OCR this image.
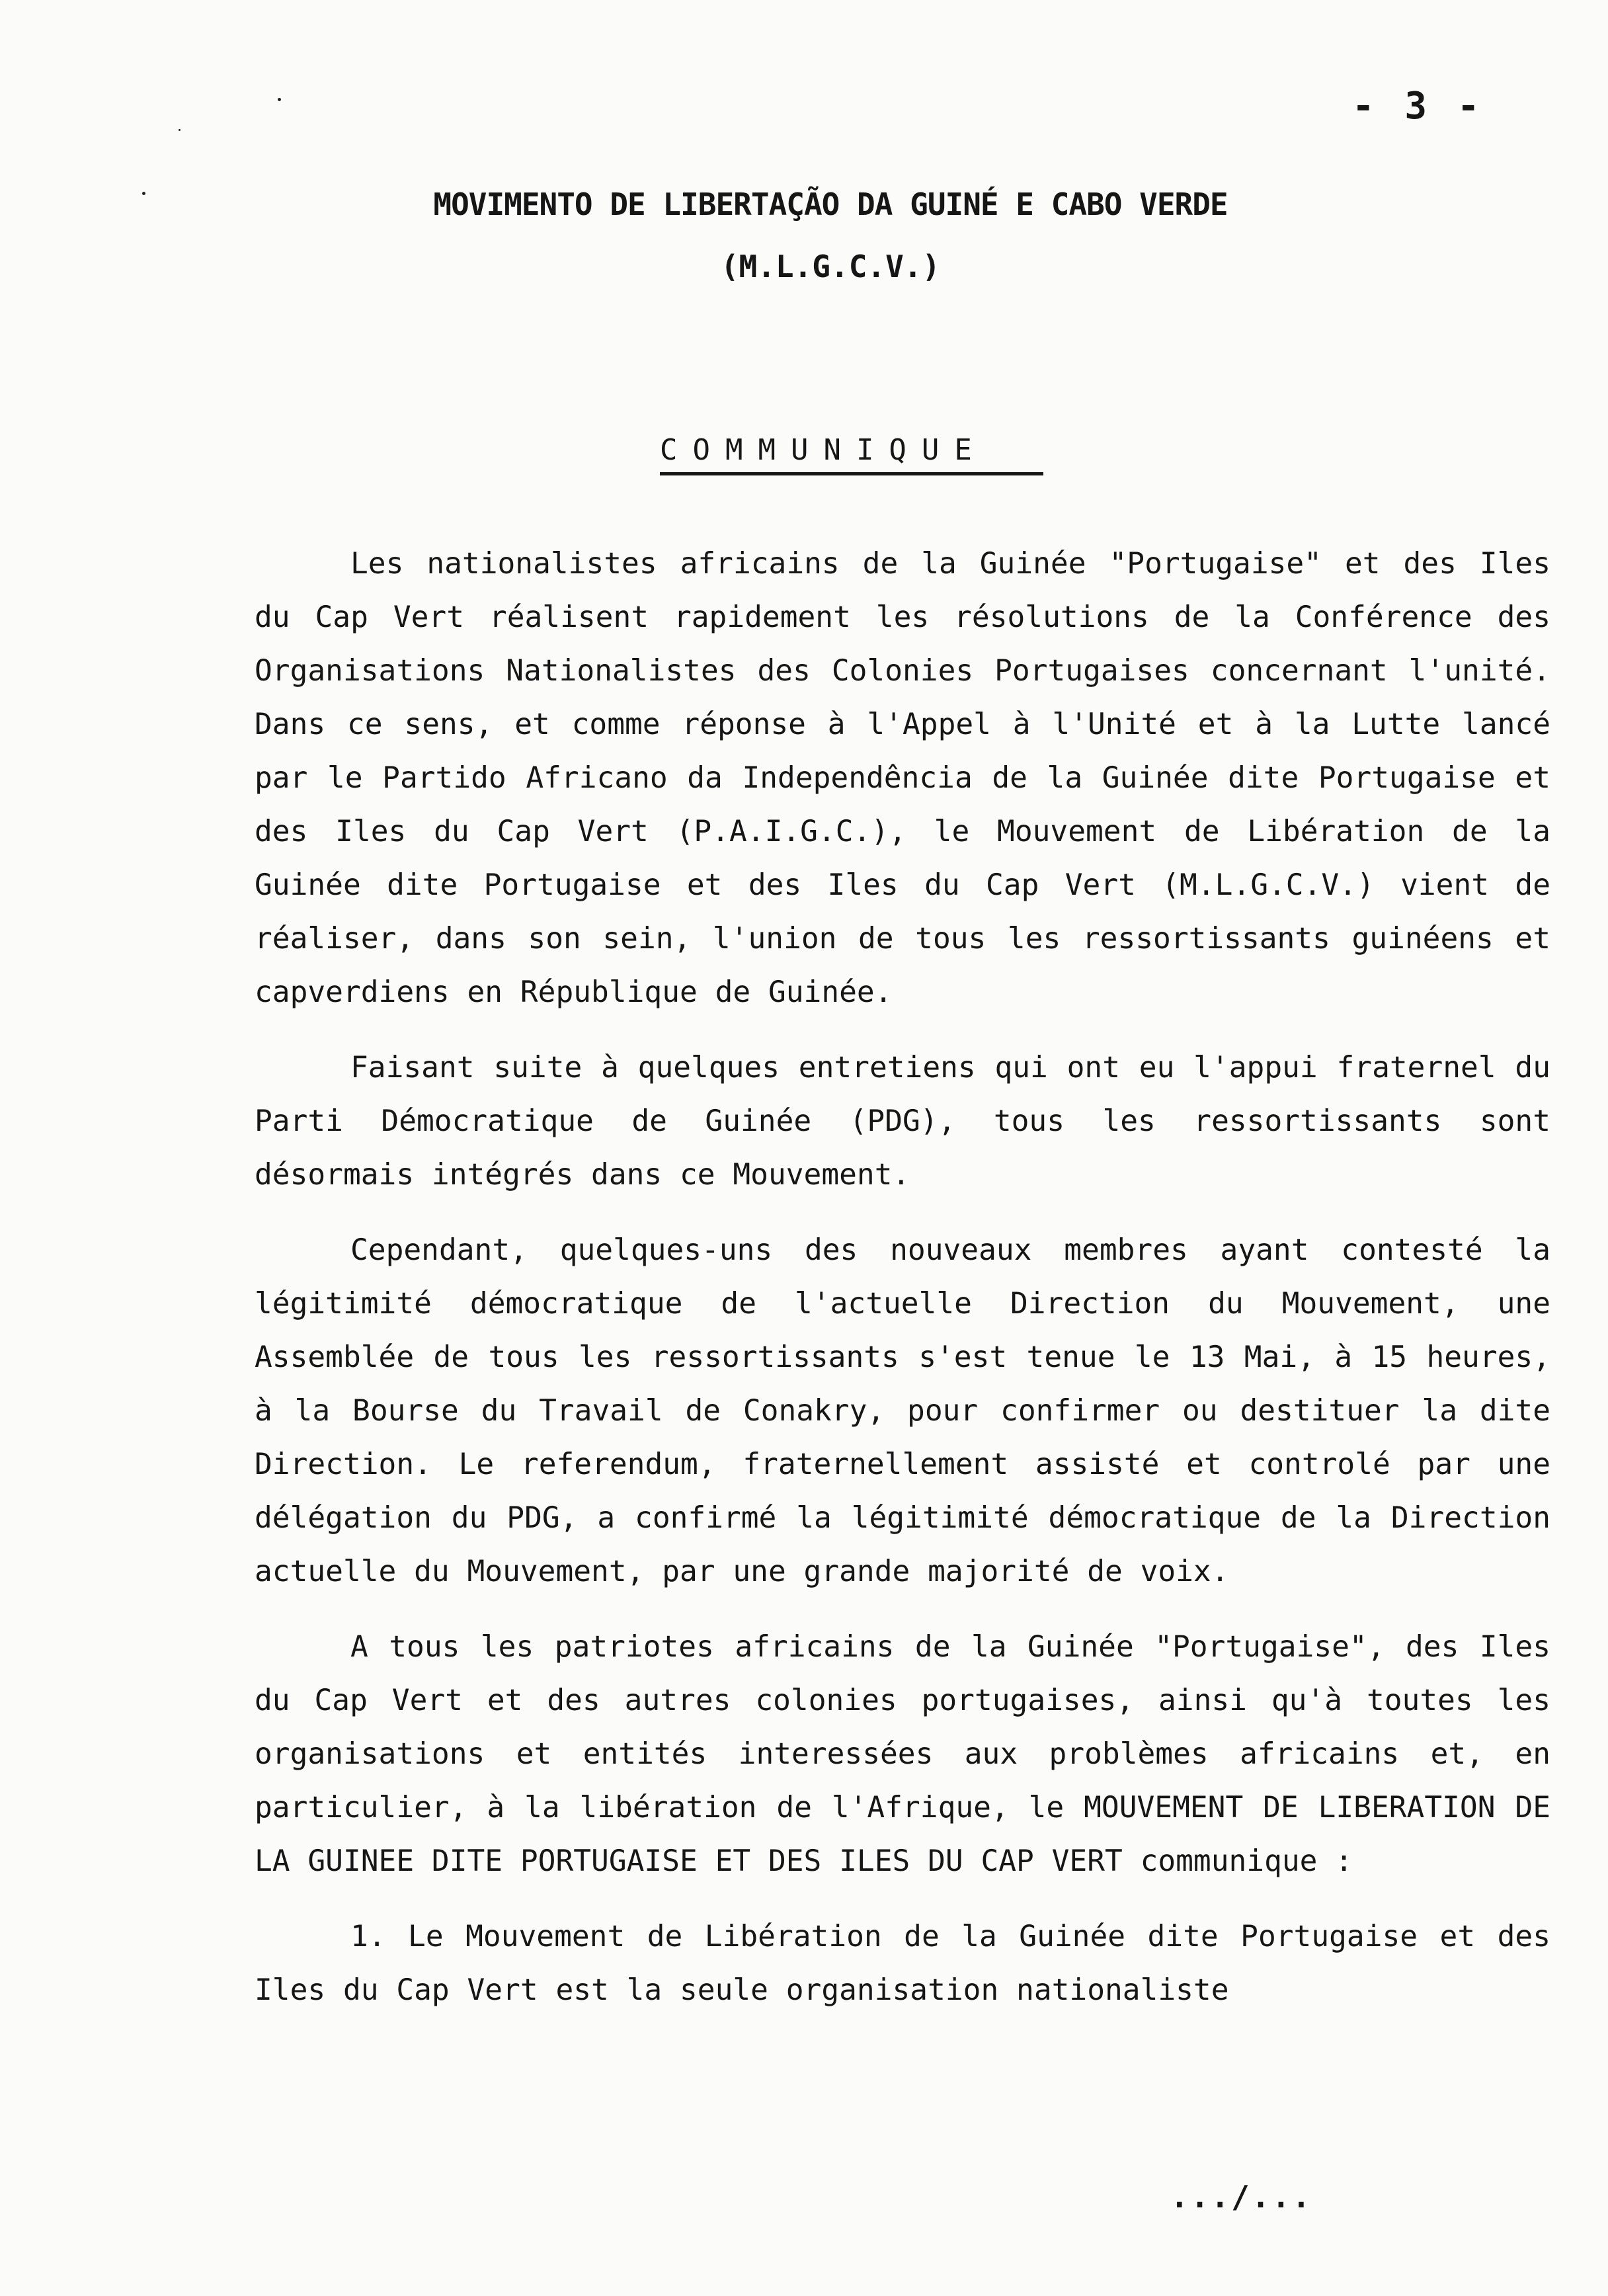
- 3 -
MOVIMENTO DE LIBERTAÇÃO DA GUINÉ E CABO VERDE
(M.L.G.C.V.)
COMMUNIQUE

Les nationalistes africains de la Guinée "Portugaise" et des Iles du Cap Vert réalisent rapidement les résolutions de la Conférence des Organisations Nationalistes des Colonies Portugaises concernant l'unité. Dans ce sens, et comme réponse à l'Appel à l'Unité et à la Lutte lancé par le Partido Africano da Independência de la Guinée dite Portugaise et des Iles du Cap Vert (P.A.I.G.C.), le Mouvement de Libération de la Guinée dite Portugaise et des Iles du Cap Vert (M.L.G.C.V.) vient de réaliser, dans son sein, l'union de tous les ressortissants guinéens et capverdiens en République de Guinée.

Faisant suite à quelques entretiens qui ont eu l'appui fraternel du Parti Démocratique de Guinée (PDG), tous les ressortissants sont désormais intégrés dans ce Mouvement.

Cependant, quelques-uns des nouveaux membres ayant contesté la légitimité démocratique de l'actuelle Direction du Mouvement, une Assemblée de tous les ressortissants s'est tenue le 13 Mai, à 15 heures, à la Bourse du Travail de Conakry, pour confirmer ou destituer la dite Direction. Le referendum, fraternellement assisté et controlé par une délégation du PDG, a confirmé la légitimité démocratique de la Direction actuelle du Mouvement, par une grande majorité de voix.

A tous les patriotes africains de la Guinée "Portugaise", des Iles du Cap Vert et des autres colonies portugaises, ainsi qu'à toutes les organisations et entités interessées aux problèmes africains et, en particulier, à la libération de l'Afrique, le MOUVEMENT DE LIBERATION DE LA GUINEE DITE PORTUGAISE ET DES ILES DU CAP VERT communique :

1. Le Mouvement de Libération de la Guinée dite Portugaise et des Iles du Cap Vert est la seule organisation nationaliste

.../...
